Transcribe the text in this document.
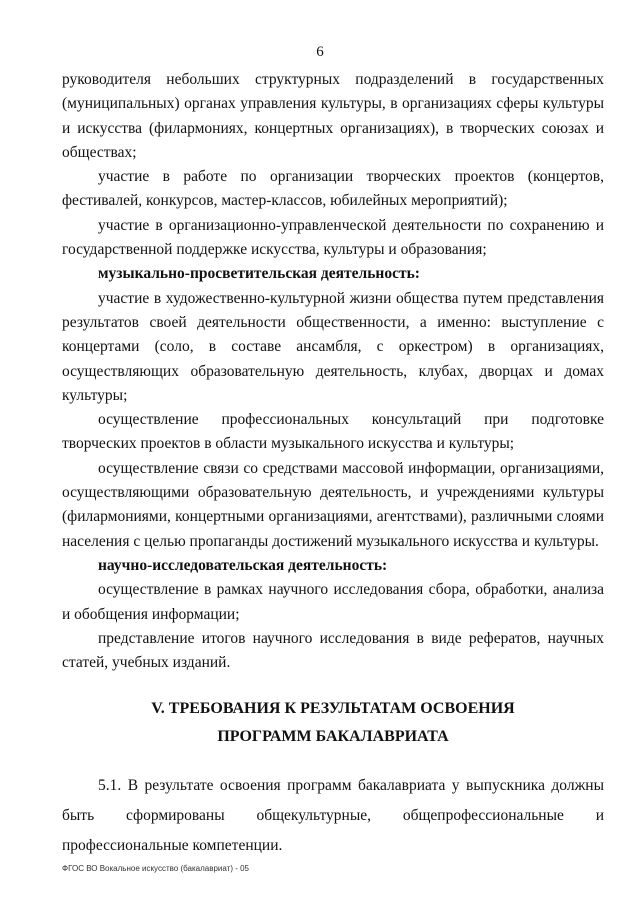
6

руководителя небольших структурных подразделений в государственных (муниципальных) органах управления культуры, в организациях сферы культуры и искусства (филармониях, концертных организациях), в творческих союзах и обществах;

участие в работе по организации творческих проектов (концертов, фестивалей, конкурсов, мастер-классов, юбилейных мероприятий);

участие в организационно-управленческой деятельности по сохранению и государственной поддержке искусства, культуры и образования;

музыкально-просветительская деятельность:

участие в художественно-культурной жизни общества путем представления результатов своей деятельности общественности, а именно: выступление с концертами (соло, в составе ансамбля, с оркестром) в организациях, осуществляющих образовательную деятельность, клубах, дворцах и домах культуры;

осуществление профессиональных консультаций при подготовке творческих проектов в области музыкального искусства и культуры;

осуществление связи со средствами массовой информации, организациями, осуществляющими образовательную деятельность, и учреждениями культуры (филармониями, концертными организациями, агентствами), различными слоями населения с целью пропаганды достижений музыкального искусства и культуры.

научно-исследовательская деятельность:

осуществление в рамках научного исследования сбора, обработки, анализа и обобщения информации;

представление итогов научного исследования в виде рефератов, научных статей, учебных изданий.

V. ТРЕБОВАНИЯ К РЕЗУЛЬТАТАМ ОСВОЕНИЯ
ПРОГРАММ БАКАЛАВРИАТА

5.1. В результате освоения программ бакалавриата у выпускника должны быть сформированы общекультурные, общепрофессиональные и профессиональные компетенции.

ФГОС ВО Вокальное искусство (бакалавриат) - 05
